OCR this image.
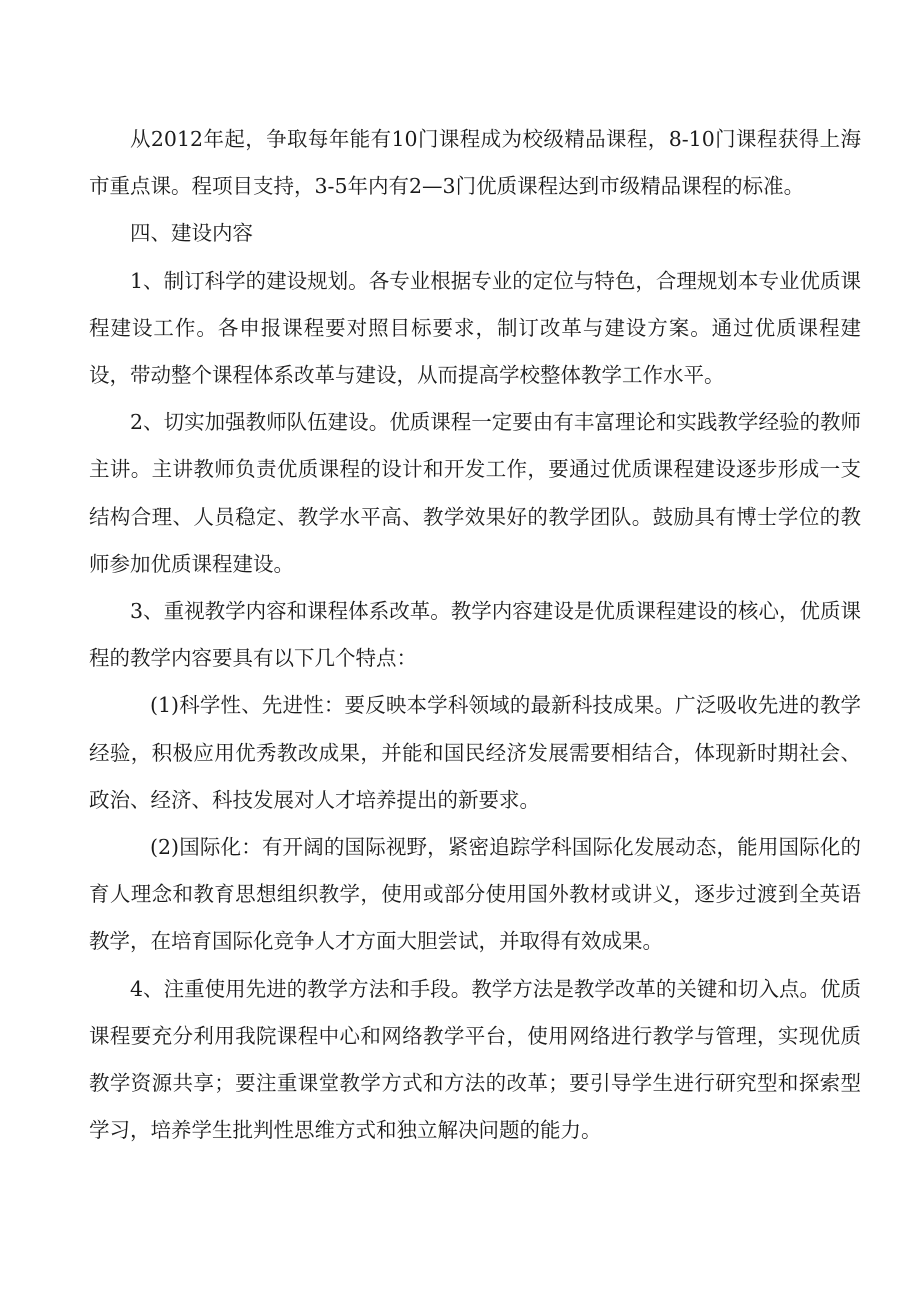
从2012年起，争取每年能有10门课程成为校级精品课程，8-10门课程获得上海市重点课。程项目支持，3-5年内有2—3门优质课程达到市级精品课程的标准。

四、建设内容

1、制订科学的建设规划。各专业根据专业的定位与特色，合理规划本专业优质课程建设工作。各申报课程要对照目标要求，制订改革与建设方案。通过优质课程建设，带动整个课程体系改革与建设，从而提高学校整体教学工作水平。

2、切实加强教师队伍建设。优质课程一定要由有丰富理论和实践教学经验的教师主讲。主讲教师负责优质课程的设计和开发工作，要通过优质课程建设逐步形成一支结构合理、人员稳定、教学水平高、教学效果好的教学团队。鼓励具有博士学位的教师参加优质课程建设。

3、重视教学内容和课程体系改革。教学内容建设是优质课程建设的核心，优质课程的教学内容要具有以下几个特点：

(1)科学性、先进性：要反映本学科领域的最新科技成果。广泛吸收先进的教学经验，积极应用优秀教改成果，并能和国民经济发展需要相结合，体现新时期社会、政治、经济、科技发展对人才培养提出的新要求。

(2)国际化：有开阔的国际视野，紧密追踪学科国际化发展动态，能用国际化的育人理念和教育思想组织教学，使用或部分使用国外教材或讲义，逐步过渡到全英语教学，在培育国际化竞争人才方面大胆尝试，并取得有效成果。

4、注重使用先进的教学方法和手段。教学方法是教学改革的关键和切入点。优质课程要充分利用我院课程中心和网络教学平台，使用网络进行教学与管理，实现优质教学资源共享；要注重课堂教学方式和方法的改革；要引导学生进行研究型和探索型学习，培养学生批判性思维方式和独立解决问题的能力。
